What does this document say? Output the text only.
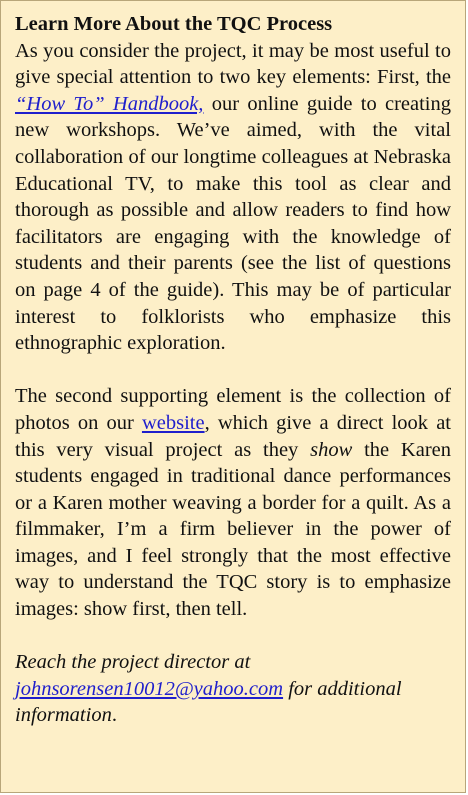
Learn More About the TQC Process

As you consider the project, it may be most useful to give special attention to two key elements: First, the “How To” Handbook, our online guide to creating new workshops. We’ve aimed, with the vital collaboration of our longtime colleagues at Nebraska Educational TV, to make this tool as clear and thorough as possible and allow readers to find how facilitators are engaging with the knowledge of students and their parents (see the list of questions on page 4 of the guide). This may be of particular interest to folklorists who emphasize this ethnographic exploration.

The second supporting element is the collection of photos on our website, which give a direct look at this very visual project as they show the Karen students engaged in traditional dance performances or a Karen mother weaving a border for a quilt. As a filmmaker, I’m a firm believer in the power of images, and I feel strongly that the most effective way to understand the TQC story is to emphasize images: show first, then tell.

Reach the project director at johnsorensen10012@yahoo.com for additional information.
